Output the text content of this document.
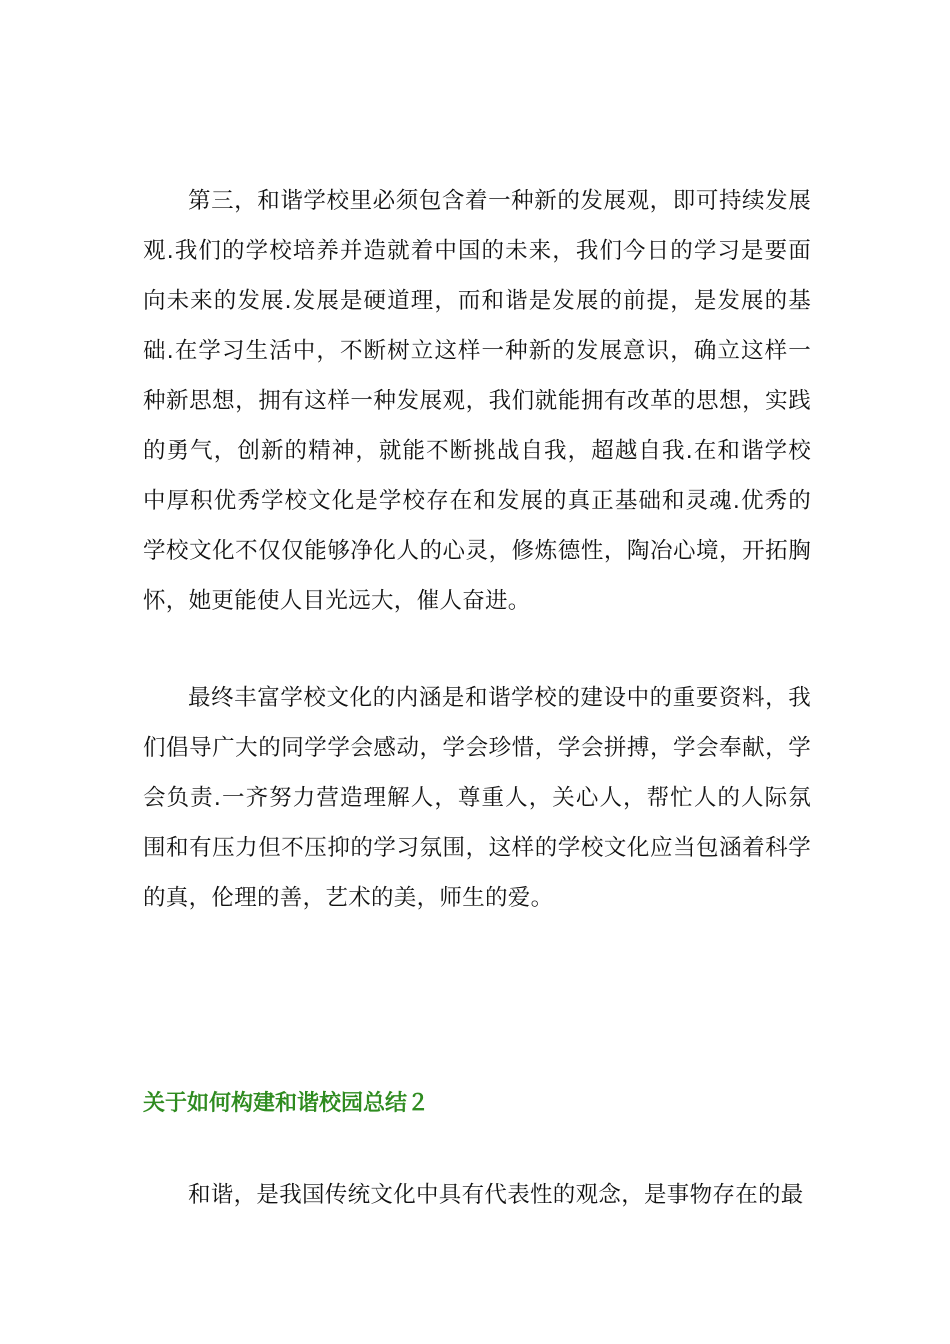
第三，和谐学校里必须包含着一种新的发展观，即可持续发展观.我们的学校培养并造就着中国的未来，我们今日的学习是要面向未来的发展.发展是硬道理，而和谐是发展的前提，是发展的基础.在学习生活中，不断树立这样一种新的发展意识，确立这样一种新思想，拥有这样一种发展观，我们就能拥有改革的思想，实践的勇气，创新的精神，就能不断挑战自我，超越自我.在和谐学校中厚积优秀学校文化是学校存在和发展的真正基础和灵魂.优秀的学校文化不仅仅能够净化人的心灵，修炼德性，陶冶心境，开拓胸怀，她更能使人目光远大，催人奋进。

最终丰富学校文化的内涵是和谐学校的建设中的重要资料，我们倡导广大的同学学会感动，学会珍惜，学会拼搏，学会奉献，学会负责.一齐努力营造理解人，尊重人，关心人，帮忙人的人际氛围和有压力但不压抑的学习氛围，这样的学校文化应当包涵着科学的真，伦理的善，艺术的美，师生的爱。

关于如何构建和谐校园总结２

和谐，是我国传统文化中具有代表性的观念，是事物存在的最
